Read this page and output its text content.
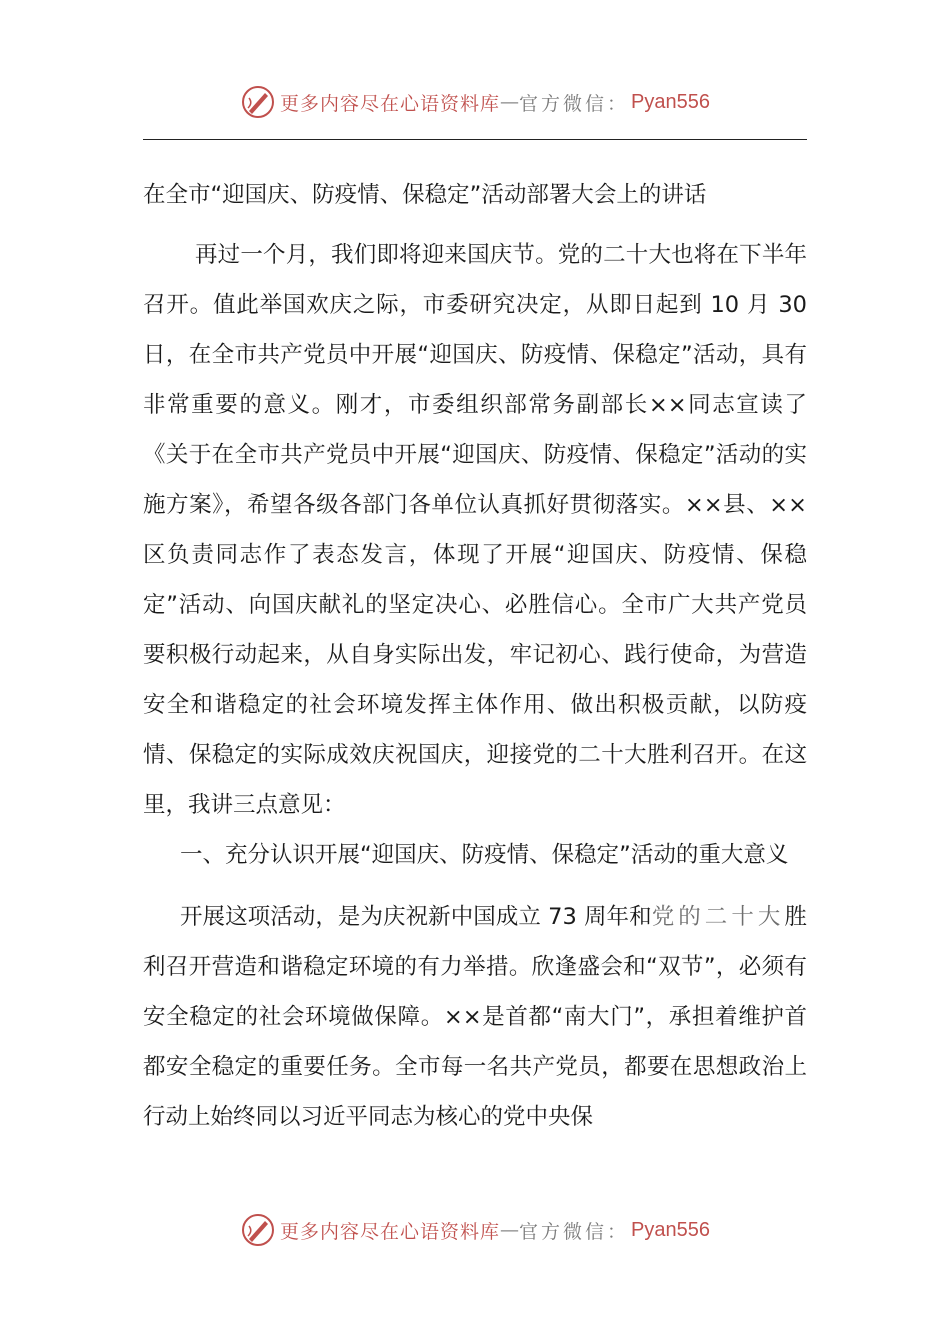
更多内容尽在心语资料库 — 官方微信： Pyan556
在全市“迎国庆、防疫情、保稳定”活动部署大会上的讲话

再过一个月，我们即将迎来国庆节。党的二十大也将在下半年召开。值此举国欢庆之际，市委研究决定，从即日起到 10 月 30 日，在全市共产党员中开展“迎国庆、防疫情、保稳定”活动，具有非常重要的意义。刚才，市委组织部常务副部长××同志宣读了《关于在全市共产党员中开展“迎国庆、防疫情、保稳定”活动的实施方案》，希望各级各部门各单位认真抓好贯彻落实。××县、××区负责同志作了表态发言，体现了开展“迎国庆、防疫情、保稳定”活动、向国庆献礼的坚定决心、必胜信心。全市广大共产党员要积极行动起来，从自身实际出发，牢记初心、践行使命，为营造安全和谐稳定的社会环境发挥主体作用、做出积极贡献，以防疫情、保稳定的实际成效庆祝国庆，迎接党的二十大胜利召开。在这里，我讲三点意见：

一、充分认识开展“迎国庆、防疫情、保稳定”活动的重大意义

开展这项活动，是为庆祝新中国成立 73 周年和党的二十大胜利召开营造和谐稳定环境的有力举措。欣逢盛会和“双节”，必须有安全稳定的社会环境做保障。××是首都“南大门”，承担着维护首都安全稳定的重要任务。全市每一名共产党员，都要在思想政治上行动上始终同以习近平同志为核心的党中央保

更多内容尽在心语资料库 — 官方微信： Pyan556
